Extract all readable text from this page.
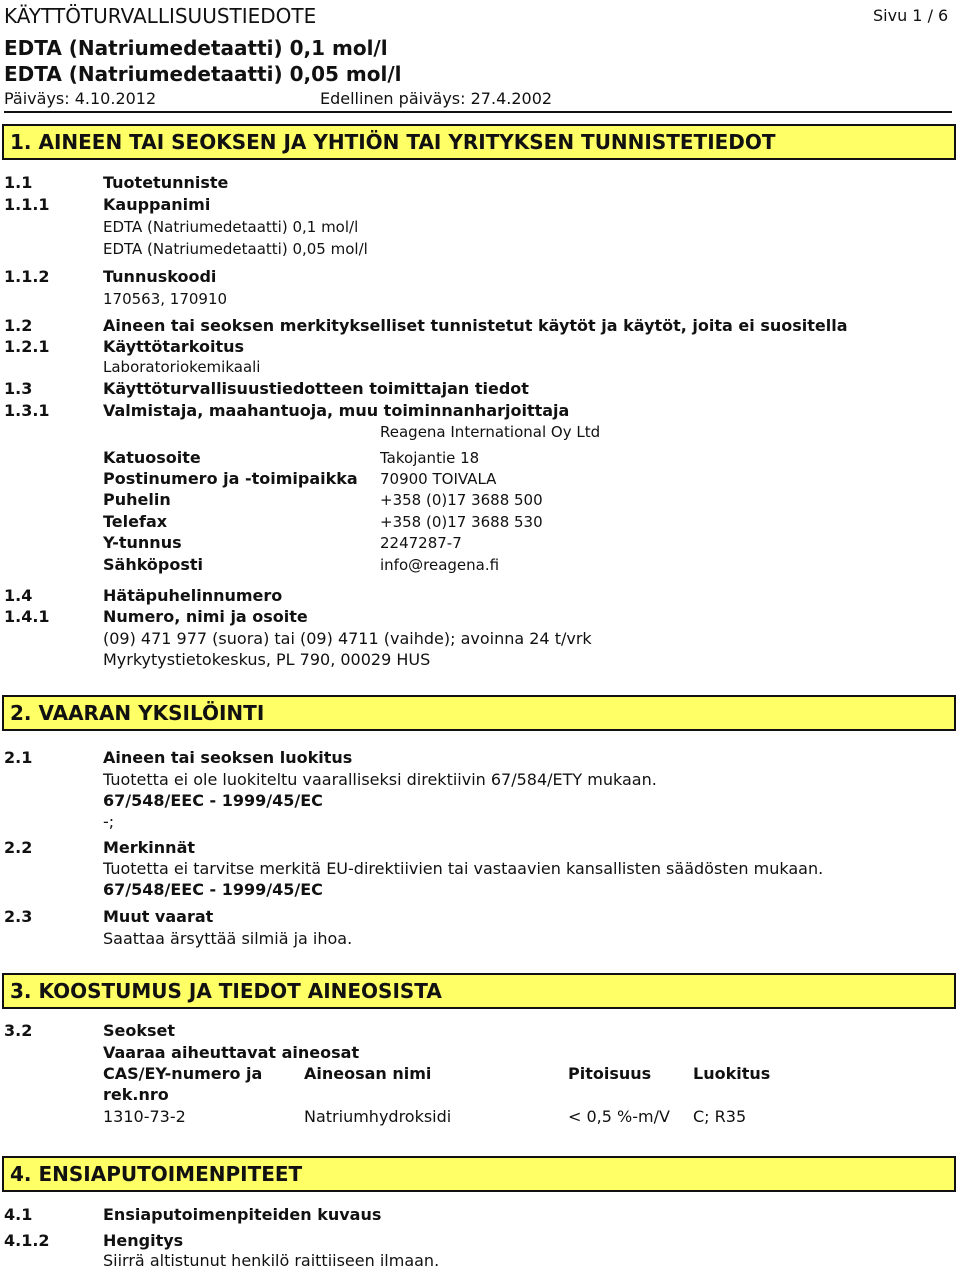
KÄYTTÖTURVALLISUUSTIEDOTE	Sivu 1 / 6
EDTA (Natriumedetaatti) 0,1 mol/l
EDTA (Natriumedetaatti) 0,05 mol/l
Päiväys: 4.10.2012	Edellinen päiväys: 27.4.2002
1. AINEEN TAI SEOKSEN JA YHTIÖN TAI YRITYKSEN TUNNISTETIEDOT
1.1	Tuotetunniste
1.1.1	Kauppanimi
EDTA (Natriumedetaatti) 0,1 mol/l
EDTA (Natriumedetaatti) 0,05 mol/l
1.1.2	Tunnuskoodi
170563, 170910
1.2	Aineen tai seoksen merkitykselliset tunnistetut käytöt ja käytöt, joita ei suositella
1.2.1	Käyttötarkoitus
Laboratoriokemikaali
1.3	Käyttöturvallisuustiedotteen toimittajan tiedot
1.3.1	Valmistaja, maahantuoja, muu toiminnanharjoittaja
Reagena International Oy Ltd
Katuosoite	Takojantie 18
Postinumero ja -toimipaikka 70900 TOIVALA
Puhelin	+358 (0)17 3688 500
Telefax	+358 (0)17 3688 530
Y-tunnus	2247287-7
Sähköposti	info@reagena.fi
1.4	Hätäpuhelinnumero
1.4.1	Numero, nimi ja osoite
(09) 471 977 (suora) tai (09) 4711 (vaihde); avoinna 24 t/vrk
Myrkytystietokeskus, PL 790, 00029 HUS
2. VAARAN YKSILÖINTI
2.1	Aineen tai seoksen luokitus
Tuotetta ei ole luokiteltu vaaralliseksi direktiivin 67/584/ETY mukaan.
67/548/EEC - 1999/45/EC
-;
2.2	Merkinnät
Tuotetta ei tarvitse merkitä EU-direktiivien tai vastaavien kansallisten säädösten mukaan.
67/548/EEC - 1999/45/EC
2.3	Muut vaarat
Saattaa ärsyttää silmiä ja ihoa.
3. KOOSTUMUS JA TIEDOT AINEOSISTA
3.2	Seokset
Vaaraa aiheuttavat aineosat
CAS/EY-numero ja
rek.nro
Aineosan nimi	Pitoisuus	Luokitus
1310-73-2	Natriumhydroksidi	< 0,5 %-m/V C; R35
4. ENSIAPUTOIMENPITEET
4.1	Ensiaputoimenpiteiden kuvaus
4.1.2	Hengitys
Siirrä altistunut henkilö raittiiseen ilmaan.
